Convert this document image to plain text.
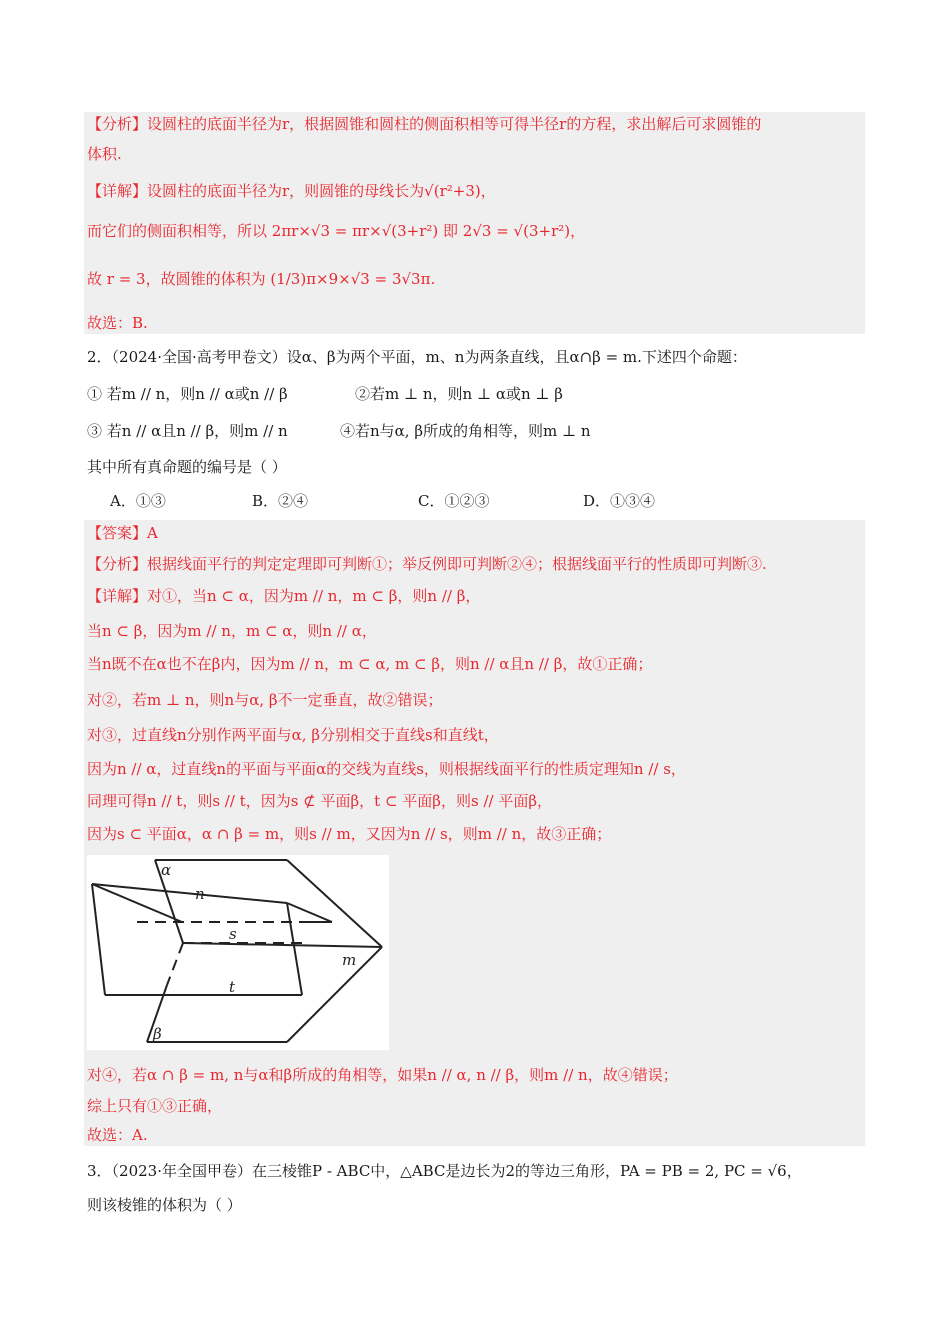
【分析】设圆柱的底面半径为r，根据圆锥和圆柱的侧面积相等可得半径r的方程，求出解后可求圆锥的
体积.
【详解】设圆柱的底面半径为r，则圆锥的母线长为√(r²+3)，
而它们的侧面积相等，所以 2πr×√3 = πr×√(3+r²) 即 2√3 = √(3+r²)，
故 r = 3，故圆锥的体积为 (1/3)π×9×√3 = 3√3π.
故选：B.
2．（2024·全国·高考甲卷文）设α、β为两个平面，m、n为两条直线，且α∩β = m.下述四个命题：
① 若m // n，则n // α或n // β	②若m ⊥ n，则n ⊥ α或n ⊥ β
③ 若n // α且n // β，则m // n	④若n与α, β所成的角相等，则m ⊥ n
其中所有真命题的编号是（ ）
A．①③	B．②④	C．①②③	D．①③④
【答案】A
【分析】根据线面平行的判定定理即可判断①；举反例即可判断②④；根据线面平行的性质即可判断③.
【详解】对①，当n ⊂ α，因为m // n，m ⊂ β，则n // β，
当n ⊂ β，因为m // n，m ⊂ α，则n // α，
当n既不在α也不在β内，因为m // n，m ⊂ α, m ⊂ β，则n // α且n // β，故①正确；
对②，若m ⊥ n，则n与α, β不一定垂直，故②错误；
对③，过直线n分别作两平面与α, β分别相交于直线s和直线t，
因为n // α，过直线n的平面与平面α的交线为直线s，则根据线面平行的性质定理知n // s，
同理可得n // t，则s // t，因为s ⊄ 平面β，t ⊂ 平面β，则s // 平面β，
因为s ⊂ 平面α，α ∩ β = m，则s // m，又因为n // s，则m // n，故③正确；
α
n
s
m
t
β
对④，若α ∩ β = m, n与α和β所成的角相等，如果n // α, n // β，则m // n，故④错误；
综上只有①③正确，
故选：A.
3．（2023·年全国甲卷）在三棱锥P - ABC中，△ABC是边长为2的等边三角形，PA = PB = 2, PC = √6，
则该棱锥的体积为（ ）
